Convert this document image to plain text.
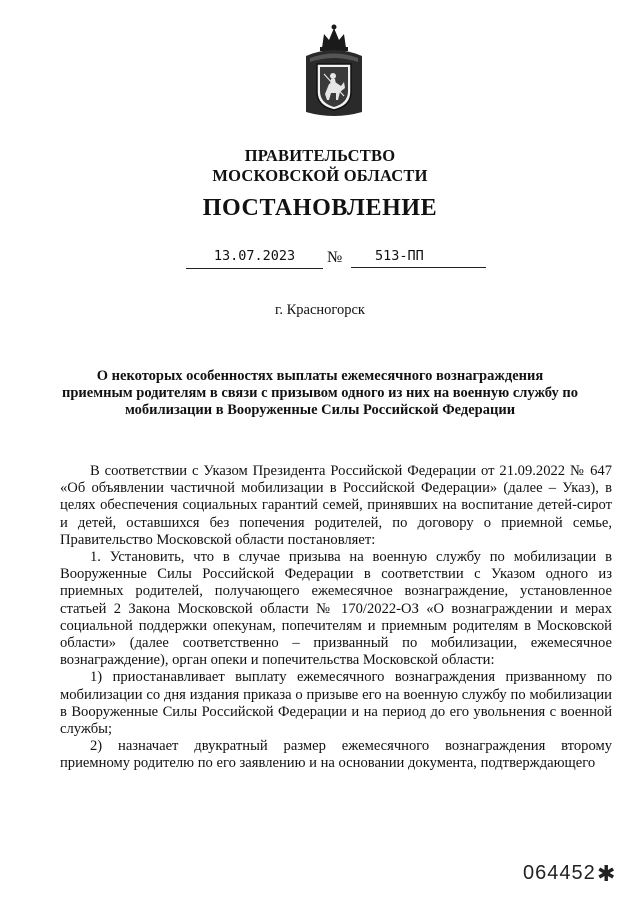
ПРАВИТЕЛЬСТВО
МОСКОВСКОЙ ОБЛАСТИ
ПОСТАНОВЛЕНИЕ
13.07.2023	№	513-ПП
г. Красногорск
О некоторых особенностях выплаты ежемесячного вознаграждения приемным родителям в связи с призывом одного из них на военную службу по мобилизации в Вооруженные Силы Российской Федерации

В соответствии с Указом Президента Российской Федерации от 21.09.2022 № 647 «Об объявлении частичной мобилизации в Российской Федерации» (далее – Указ), в целях обеспечения социальных гарантий семей, принявших на воспитание детей-сирот и детей, оставшихся без попечения родителей, по договору о приемной семье, Правительство Московской области постановляет:

1. Установить, что в случае призыва на военную службу по мобилизации в Вооруженные Силы Российской Федерации в соответствии с Указом одного из приемных родителей, получающего ежемесячное вознаграждение, установленное статьей 2 Закона Московской области № 170/2022-ОЗ «О вознаграждении и мерах социальной поддержки опекунам, попечителям и приемным родителям в Московской области» (далее соответственно – призванный по мобилизации, ежемесячное вознаграждение), орган опеки и попечительства Московской области:

1) приостанавливает выплату ежемесячного вознаграждения призванному по мобилизации со дня издания приказа о призыве его на военную службу по мобилизации в Вооруженные Силы Российской Федерации и на период до его увольнения с военной службы;

2) назначает двукратный размер ежемесячного вознаграждения второму приемному родителю по его заявлению и на основании документа, подтверждающего

064452 ✱
